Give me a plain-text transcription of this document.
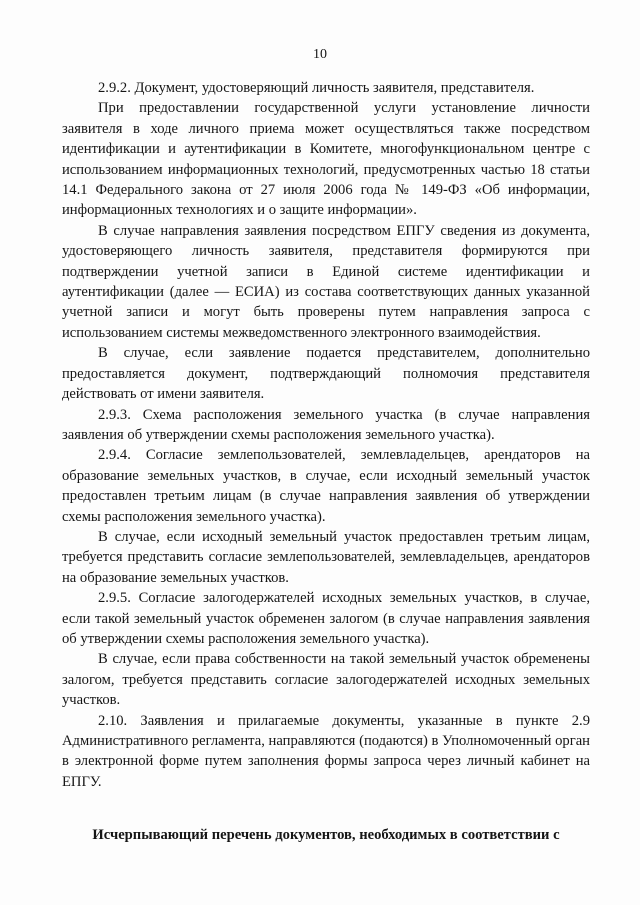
10

2.9.2. Документ, удостоверяющий личность заявителя, представителя.

При предоставлении государственной услуги установление личности заявителя в ходе личного приема может осуществляться также посредством идентификации и аутентификации в Комитете, многофункциональном центре с использованием информационных технологий, предусмотренных частью 18 статьи 14.1 Федерального закона от 27 июля 2006 года № 149-ФЗ «Об информации, информационных технологиях и о защите информации».

В случае направления заявления посредством ЕПГУ сведения из документа, удостоверяющего личность заявителя, представителя формируются при подтверждении учетной записи в Единой системе идентификации и аутентификации (далее — ЕСИА) из состава соответствующих данных указанной учетной записи и могут быть проверены путем направления запроса с использованием системы межведомственного электронного взаимодействия.

В случае, если заявление подается представителем, дополнительно предоставляется документ, подтверждающий полномочия представителя действовать от имени заявителя.

2.9.3. Схема расположения земельного участка (в случае направления заявления об утверждении схемы расположения земельного участка).

2.9.4. Согласие землепользователей, землевладельцев, арендаторов на образование земельных участков, в случае, если исходный земельный участок предоставлен третьим лицам (в случае направления заявления об утверждении схемы расположения земельного участка).

В случае, если исходный земельный участок предоставлен третьим лицам, требуется представить согласие землепользователей, землевладельцев, арендаторов на образование земельных участков.

2.9.5. Согласие залогодержателей исходных земельных участков, в случае, если такой земельный участок обременен залогом (в случае направления заявления об утверждении схемы расположения земельного участка).

В случае, если права собственности на такой земельный участок обременены залогом, требуется представить согласие залогодержателей исходных земельных участков.

2.10. Заявления и прилагаемые документы, указанные в пункте 2.9 Административного регламента, направляются (подаются) в Уполномоченный орган в электронной форме путем заполнения формы запроса через личный кабинет на ЕПГУ.

Исчерпывающий перечень документов, необходимых в соответствии с
